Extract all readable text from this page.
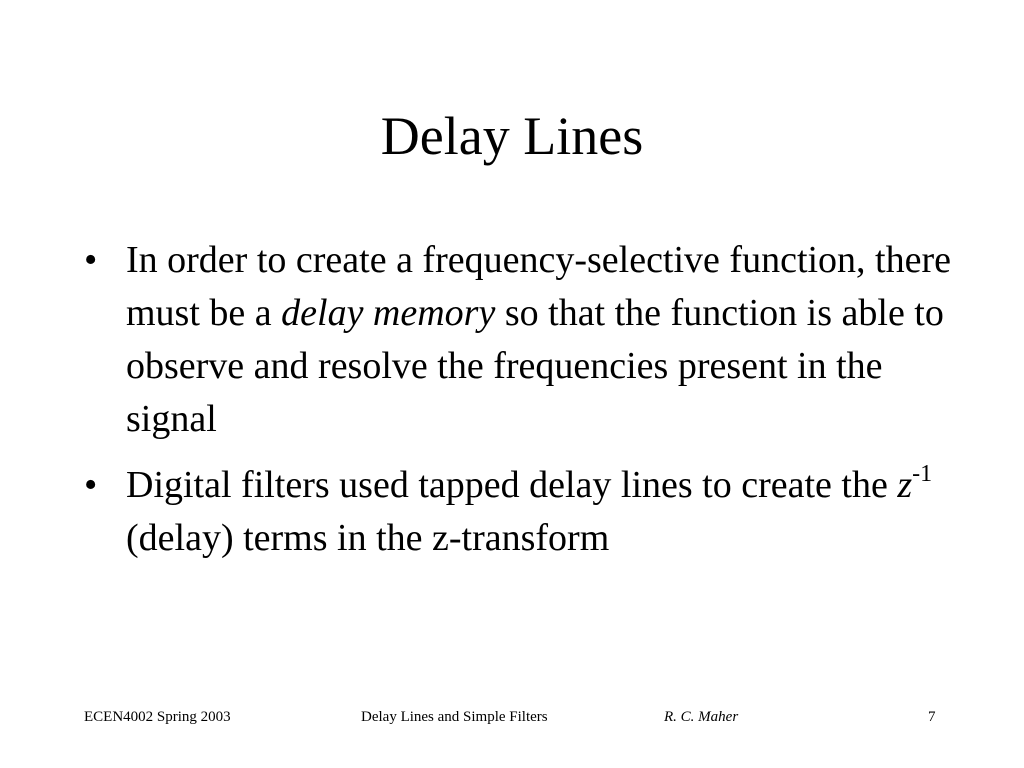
Delay Lines
• In order to create a frequency-selective function, there must be a delay memory so that the function is able to observe and resolve the frequencies present in the signal
• Digital filters used tapped delay lines to create the $z^{-1}$ (delay) terms in the z-transform
ECEN4002 Spring 2003	Delay Lines and Simple Filters	R. C. Maher	7
